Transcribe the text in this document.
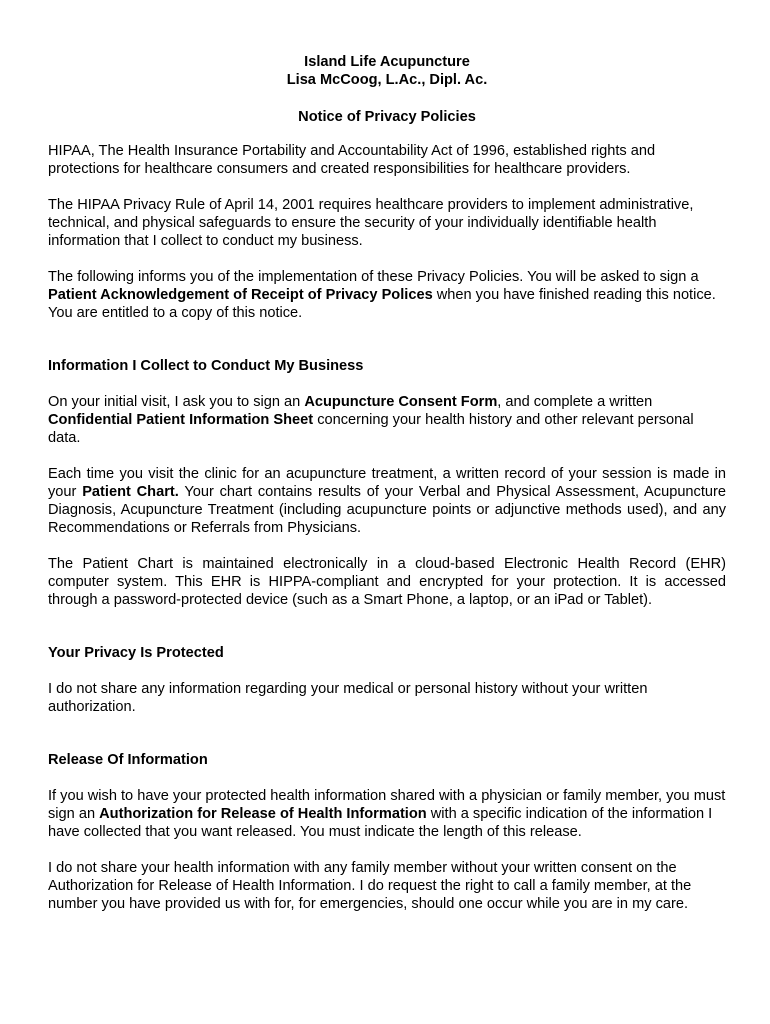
Island Life Acupuncture

Lisa McCoog, L.Ac., Dipl. Ac.

Notice of Privacy Policies

HIPAA, The Health Insurance Portability and Accountability Act of 1996, established rights and protections for healthcare consumers and created responsibilities for healthcare providers.

The HIPAA Privacy Rule of April 14, 2001 requires healthcare providers to implement administrative, technical, and physical safeguards to ensure the security of your individually identifiable health information that I collect to conduct my business.

The following informs you of the implementation of these Privacy Policies. You will be asked to sign a Patient Acknowledgement of Receipt of Privacy Polices when you have finished reading this notice. You are entitled to a copy of this notice.

Information I Collect to Conduct My Business

On your initial visit, I ask you to sign an Acupuncture Consent Form, and complete a written Confidential Patient Information Sheet concerning your health history and other relevant personal data.

Each time you visit the clinic for an acupuncture treatment, a written record of your session is made in your Patient Chart. Your chart contains results of your Verbal and Physical Assessment, Acupuncture Diagnosis, Acupuncture Treatment (including acupuncture points or adjunctive methods used), and any Recommendations or Referrals from Physicians.

The Patient Chart is maintained electronically in a cloud-based Electronic Health Record (EHR) computer system. This EHR is HIPPA-compliant and encrypted for your protection. It is accessed through a password-protected device (such as a Smart Phone, a laptop, or an iPad or Tablet).

Your Privacy Is Protected

I do not share any information regarding your medical or personal history without your written authorization.

Release Of Information

If you wish to have your protected health information shared with a physician or family member, you must sign an Authorization for Release of Health Information with a specific indication of the information I have collected that you want released. You must indicate the length of this release.

I do not share your health information with any family member without your written consent on the Authorization for Release of Health Information. I do request the right to call a family member, at the number you have provided us with for, for emergencies, should one occur while you are in my care.
